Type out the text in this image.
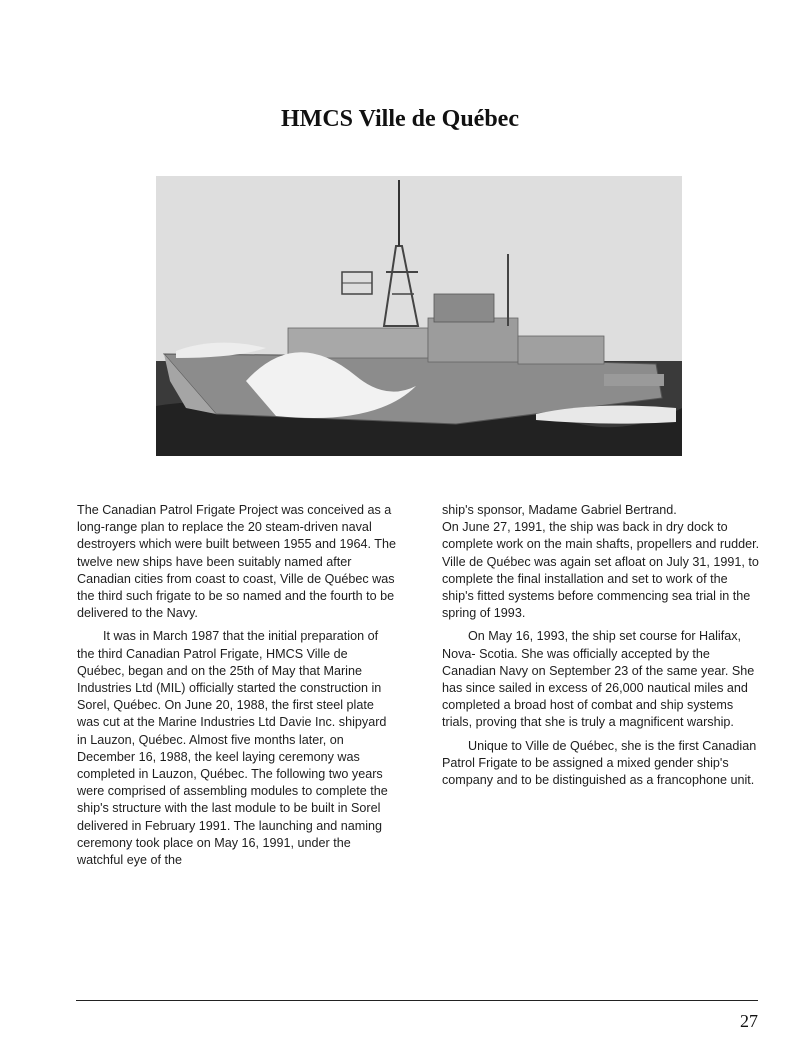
HMCS Ville de Québec

The Canadian Patrol Frigate Project was conceived as a long-range plan to replace the 20 steam-driven naval destroyers which were built between 1955 and 1964. The twelve new ships have been suitably named after Canadian cities from coast to coast, Ville de Québec was the third such frigate to be so named and the fourth to be delivered to the Navy.

It was in March 1987 that the initial preparation of the third Canadian Patrol Frigate, HMCS Ville de Québec, began and on the 25th of May that Marine Industries Ltd (MIL) officially started the construction in Sorel, Québec. On June 20, 1988, the first steel plate was cut at the Marine Industries Ltd Davie Inc. shipyard in Lauzon, Québec. Almost five months later, on December 16, 1988, the keel laying ceremony was completed in Lauzon, Québec. The following two years were comprised of assembling modules to complete the ship's structure with the last module to be built in Sorel delivered in February 1991. The launching and naming ceremony took place on May 16, 1991, under the watchful eye of the

ship's sponsor, Madame Gabriel Bertrand.

On June 27, 1991, the ship was back in dry dock to complete work on the main shafts, propellers and rudder. Ville de Québec was again set afloat on July 31, 1991, to complete the final installation and set to work of the ship's fitted systems before commencing sea trial in the spring of 1993.

On May 16, 1993, the ship set course for Halifax, Nova- Scotia. She was officially accepted by the Canadian Navy on September 23 of the same year. She has since sailed in excess of 26,000 nautical miles and completed a broad host of combat and ship systems trials, proving that she is truly a magnificent warship.

Unique to Ville de Québec, she is the first Canadian Patrol Frigate to be assigned a mixed gender ship's company and to be distinguished as a francophone unit.

27
